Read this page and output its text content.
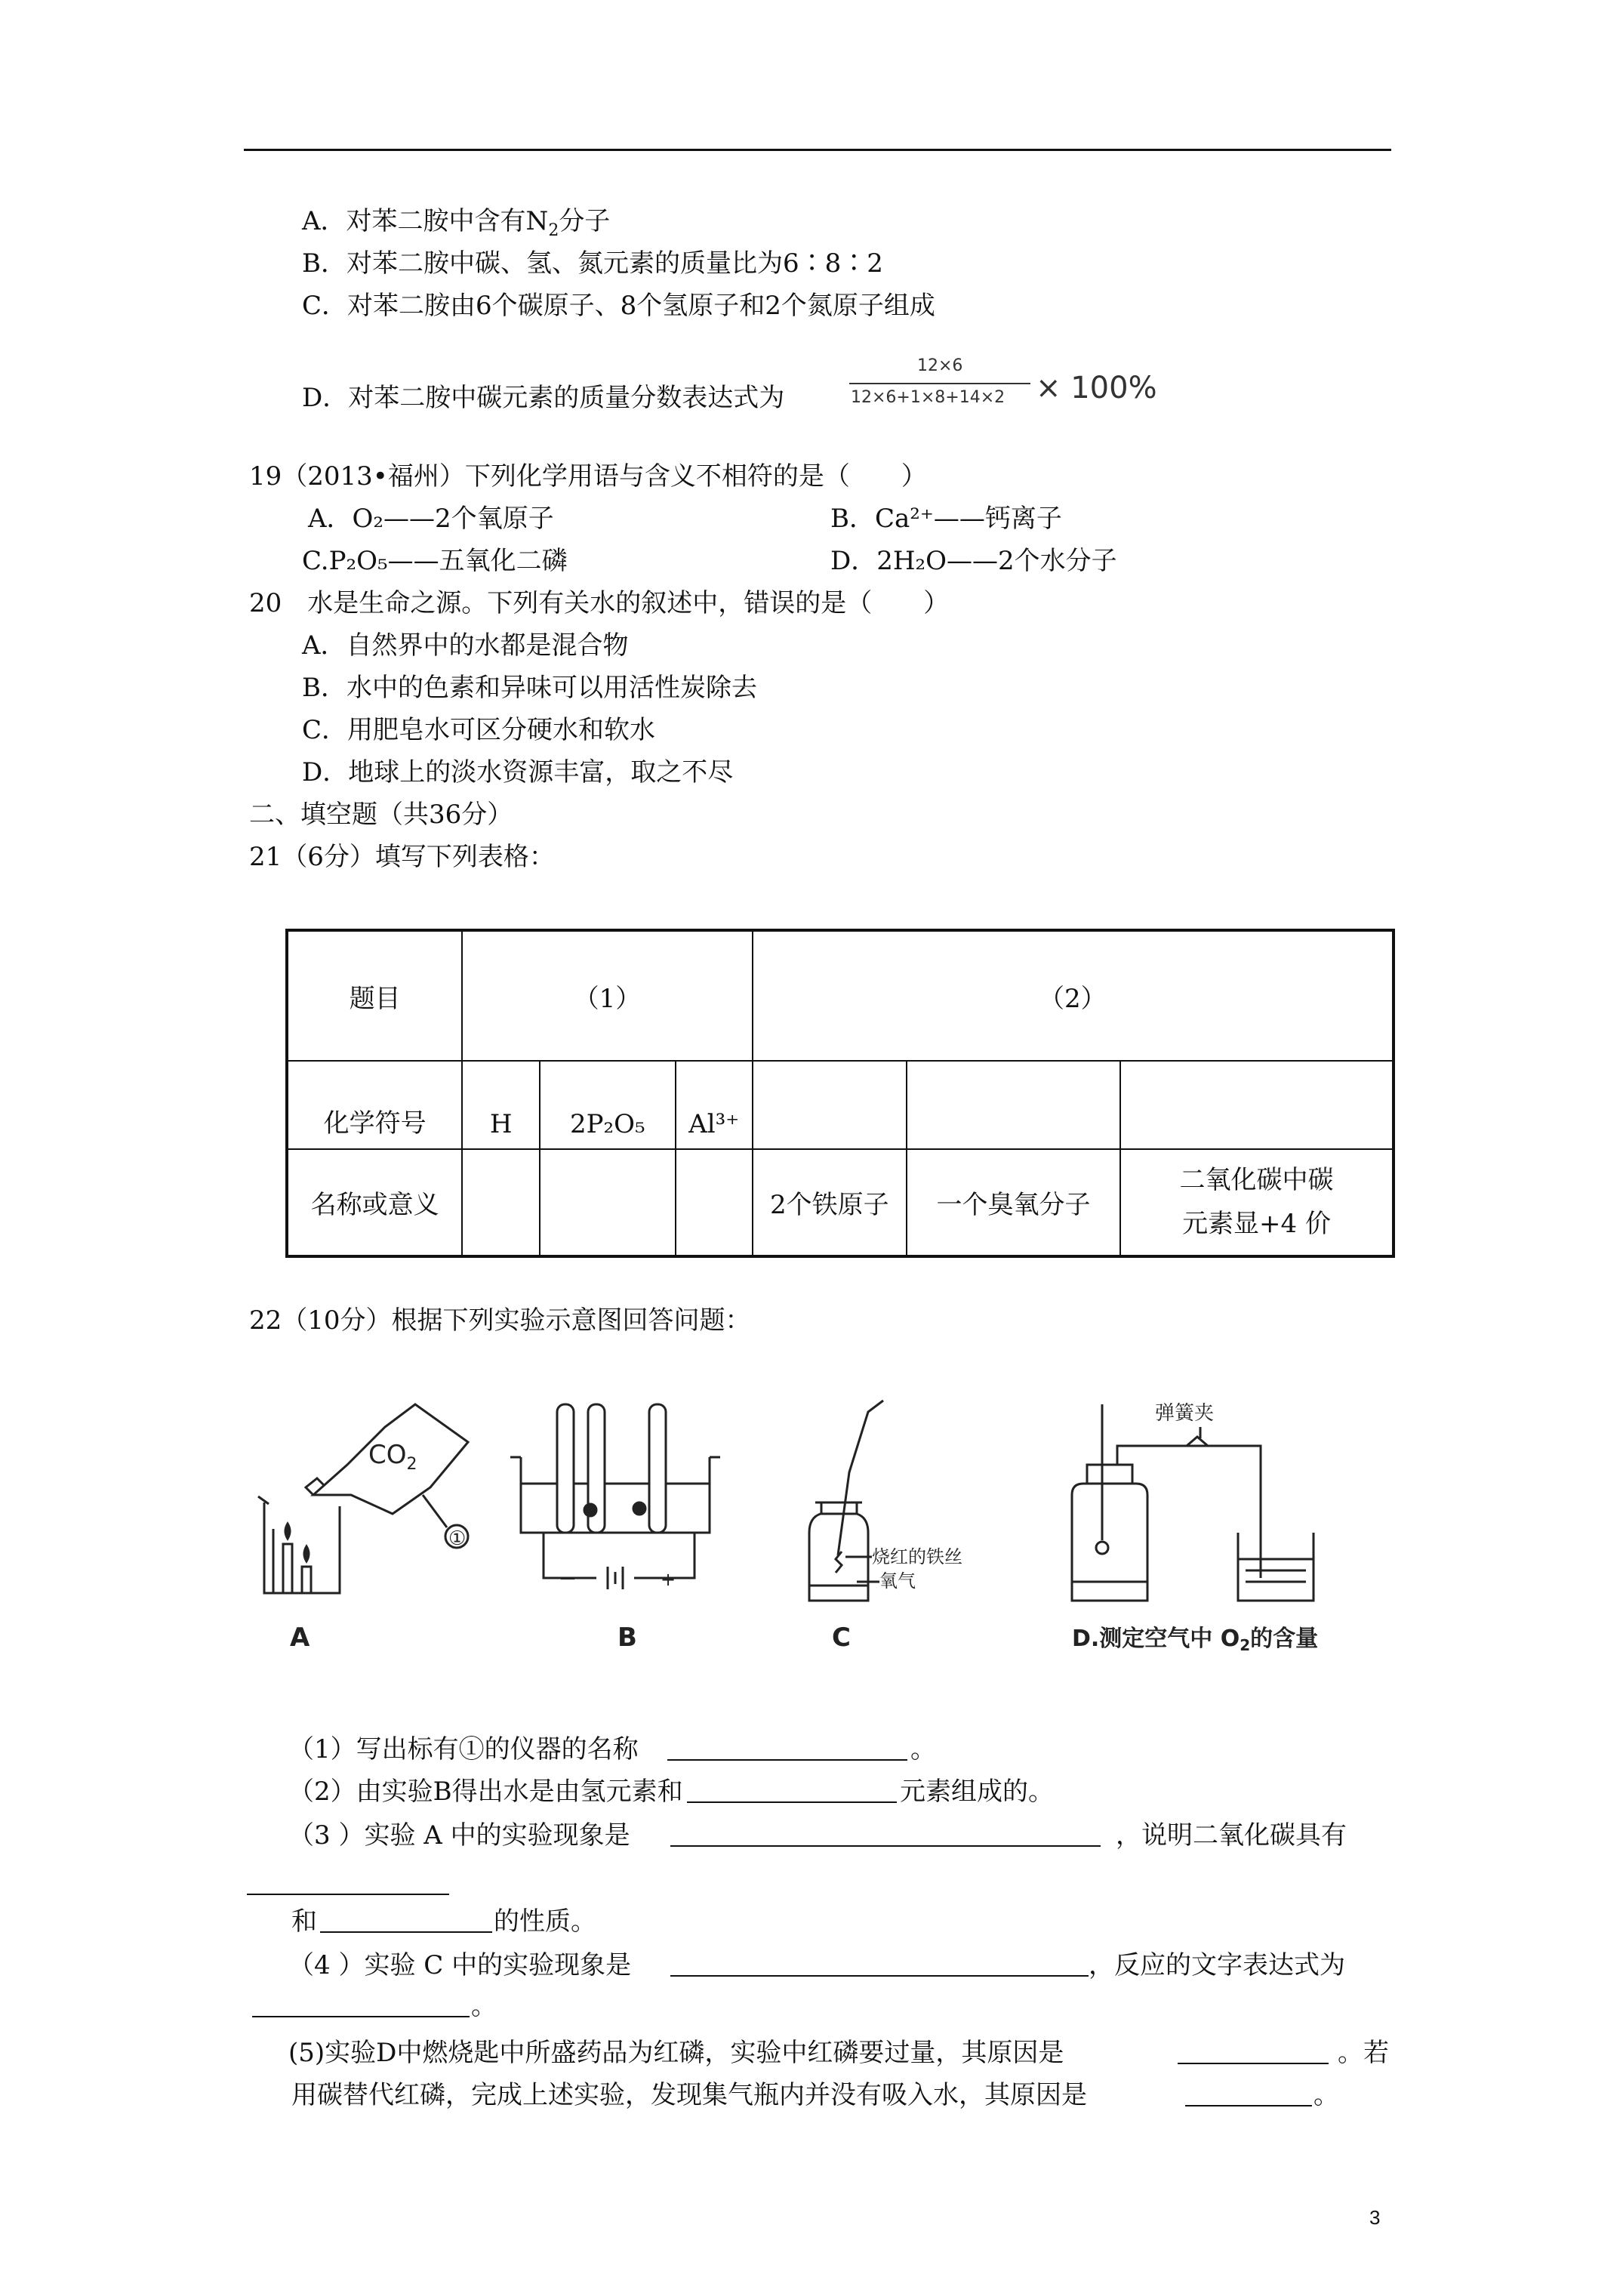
A．对苯二胺中含有$N_2$分子
B．对苯二胺中碳、氢、氮元素的质量比为6∶8∶2
C．对苯二胺由6个碳原子、8个氢原子和2个氮原子组成
D．对苯二胺中碳元素的质量分数表达式为
12×6
12×6+1×8+14×2 × 100%
19（2013•福州）下列化学用语与含义不相符的是（　　）
A．O₂——2个氧原子	B．Ca²⁺——钙离子
C.P₂O₅——五氧化二磷	D．2H₂O——2个水分子
20　水是生命之源。下列有关水的叙述中，错误的是（　　）
A．自然界中的水都是混合物
B．水中的色素和异味可以用活性炭除去
C．用肥皂水可区分硬水和软水
D．地球上的淡水资源丰富，取之不尽
二、填空题（共36分）
21（6分）填写下列表格：
题目	（1）			（2）		
化学符号	H	2P₂O₅	Al³⁺			
名称或意义				2个铁原子	一个臭氧分子	二氧化碳中碳
元素显+4 价
22（10分）根据下列实验示意图回答问题：
$CO_2$
①
A
－	+
B
烧红的铁丝
氧气
C
弹簧夹
D.测定空气中 $O_2$的含量
（1）写出标有①的仪器的名称	。
（2）由实验B得出水是由氢元素和	元素组成的。
（3 ）实验 A 中的实验现象是	，说明二氧化碳具有
和	的性质。
（4 ）实验 C 中的实验现象是	，反应的文字表达式为
。
(5)实验D中燃烧匙中所盛药品为红磷，实验中红磷要过量，其原因是	。若
用碳替代红磷，完成上述实验，发现集气瓶内并没有吸入水，其原因是	。
3
